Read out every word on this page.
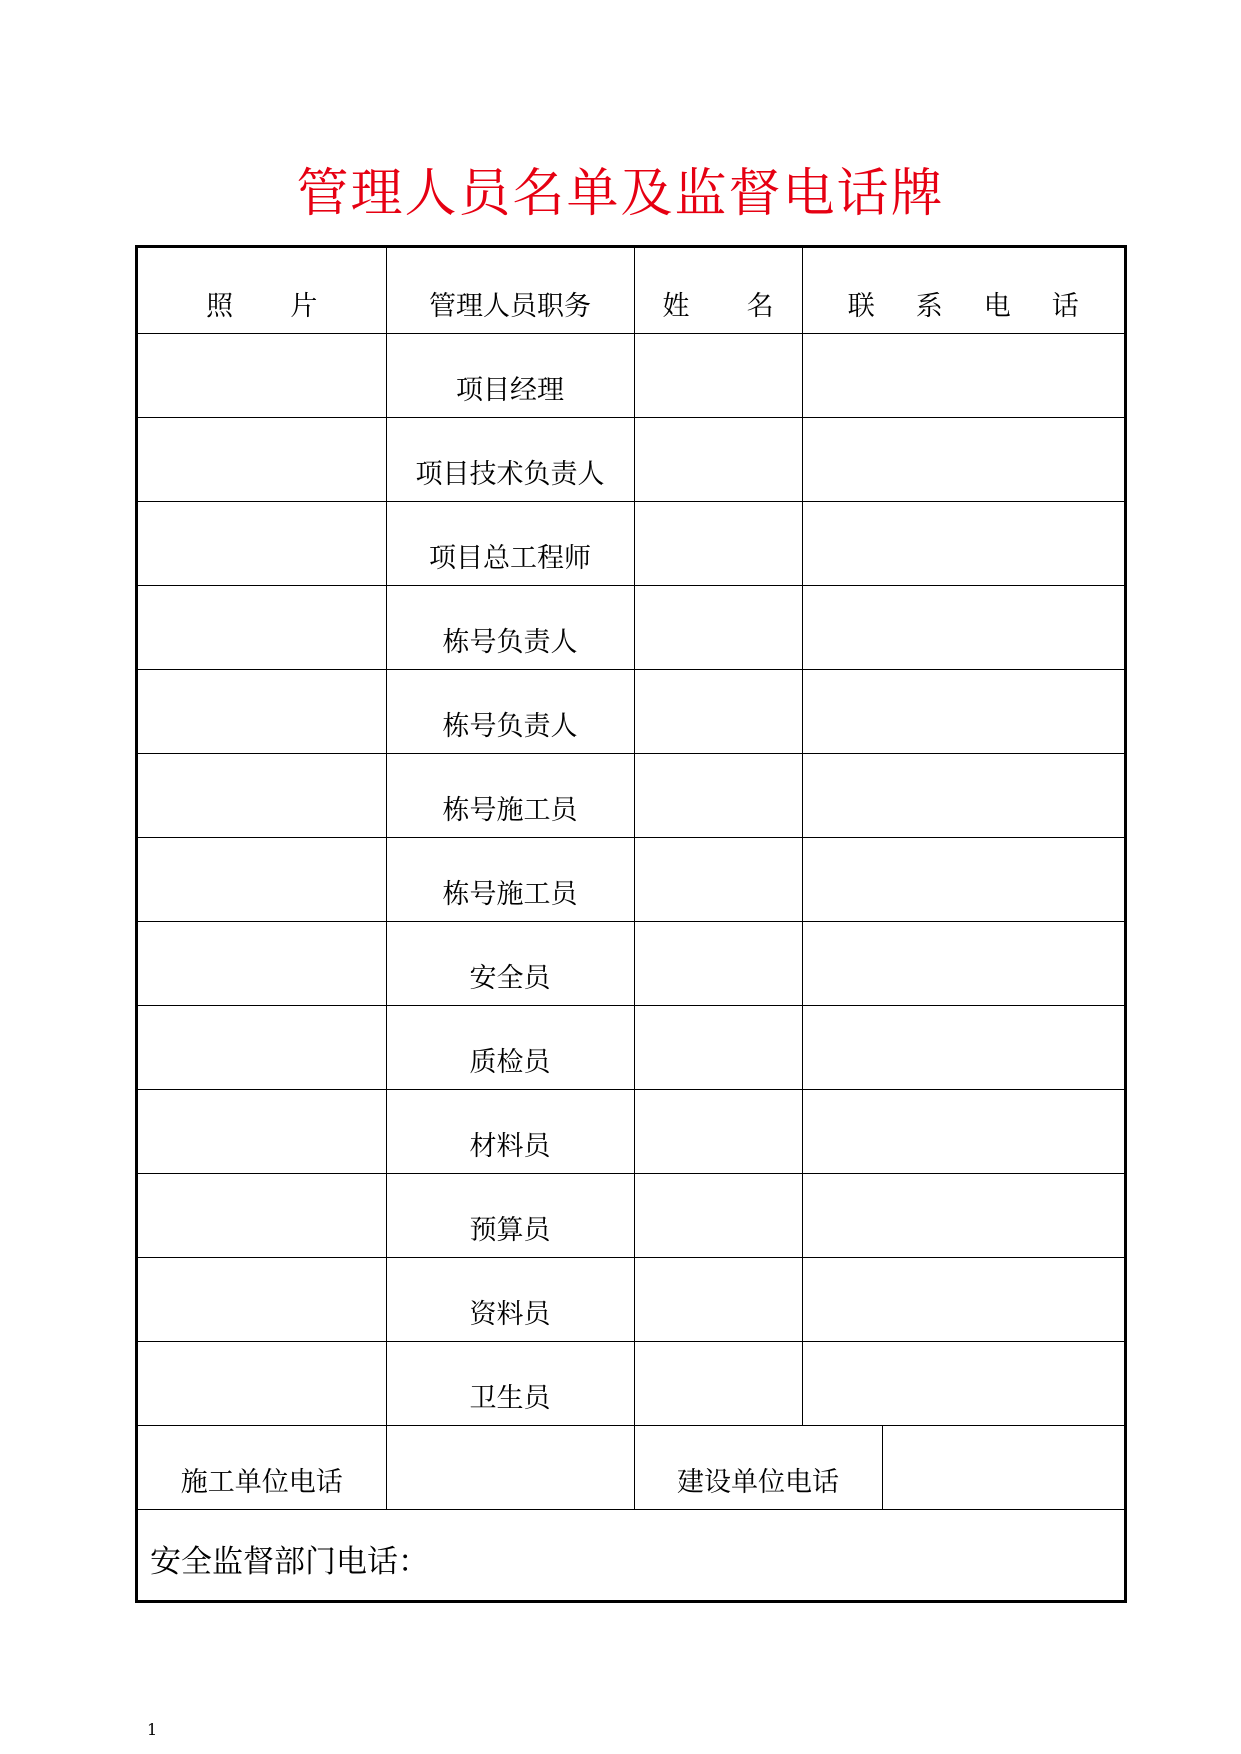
管理人员名单及监督电话牌
照 片	管理人员职务	姓 名	联 系 电 话	
	项目经理			
	项目技术负责人			
	项目总工程师			
	栋号负责人			
	栋号负责人			
	栋号施工员			
	栋号施工员			
	安全员			
	质检员			
	材料员			
	预算员			
	资料员			
	卫生员			
施工单位电话		建设单位电话		
安全监督部门电话：				
1
